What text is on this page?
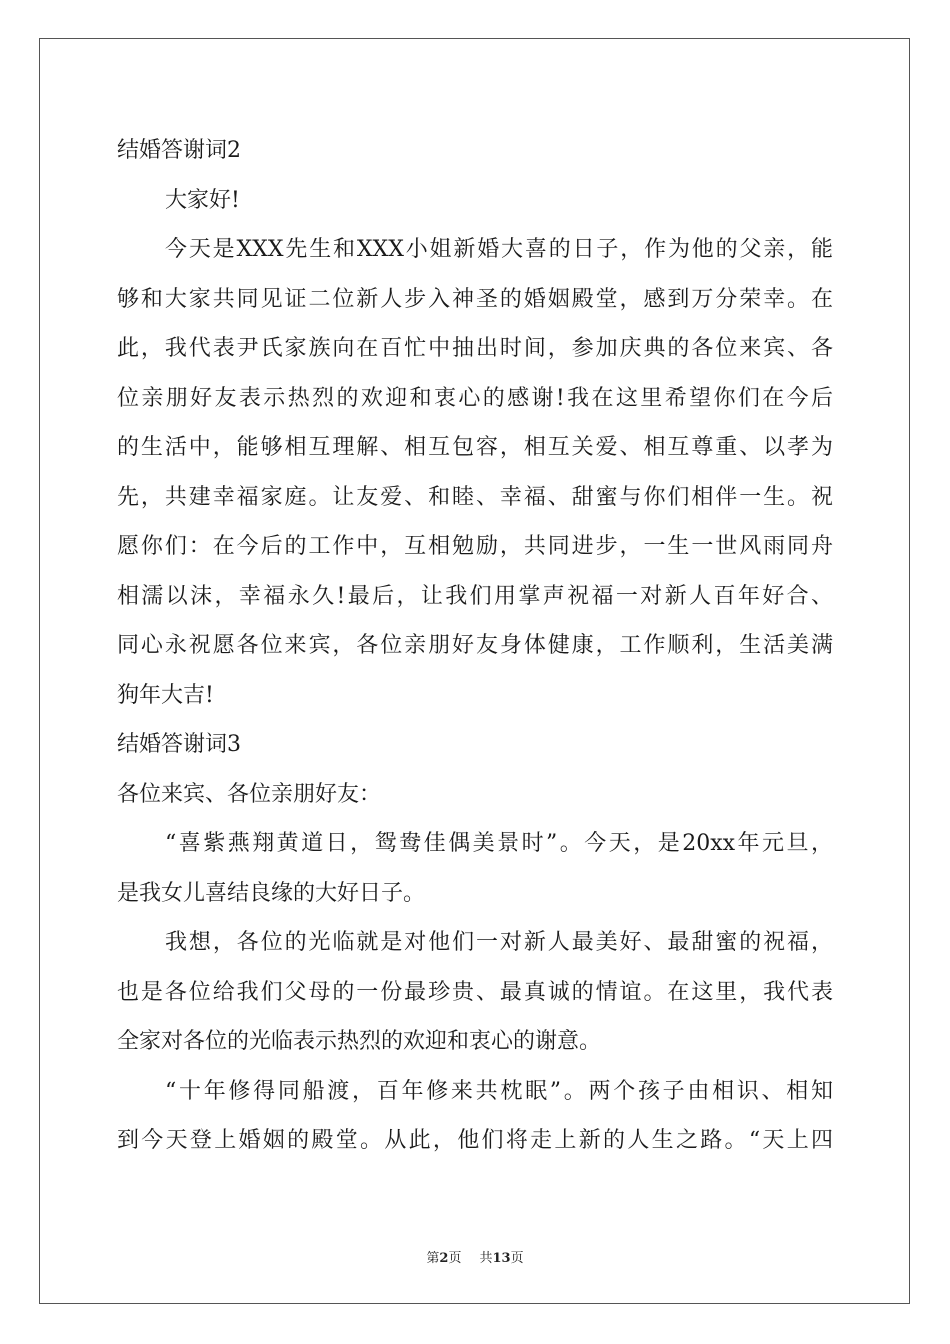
结婚答谢词2
大家好!
今天是XXX先生和XXX小姐新婚大喜的日子，作为他的父亲，能
够和大家共同见证二位新人步入神圣的婚姻殿堂，感到万分荣幸。在
此，我代表尹氏家族向在百忙中抽出时间，参加庆典的各位来宾、各
位亲朋好友表示热烈的欢迎和衷心的感谢!我在这里希望你们在今后
的生活中，能够相互理解、相互包容，相互关爱、相互尊重、以孝为
先，共建幸福家庭。让友爱、和睦、幸福、甜蜜与你们相伴一生。祝
愿你们：在今后的工作中，互相勉励，共同进步，一生一世风雨同舟
相濡以沫，幸福永久!最后，让我们用掌声祝福一对新人百年好合、
同心永祝愿各位来宾，各位亲朋好友身体健康，工作顺利，生活美满
狗年大吉!
结婚答谢词3
各位来宾、各位亲朋好友：
“喜紫燕翔黄道日，鸳鸯佳偶美景时”。今天，是20xx年元旦，
是我女儿喜结良缘的大好日子。
我想，各位的光临就是对他们一对新人最美好、最甜蜜的祝福，
也是各位给我们父母的一份最珍贵、最真诚的情谊。在这里，我代表
全家对各位的光临表示热烈的欢迎和衷心的谢意。
“十年修得同船渡，百年修来共枕眠”。两个孩子由相识、相知
到今天登上婚姻的殿堂。从此，他们将走上新的人生之路。“天上四
第2页 共13页
